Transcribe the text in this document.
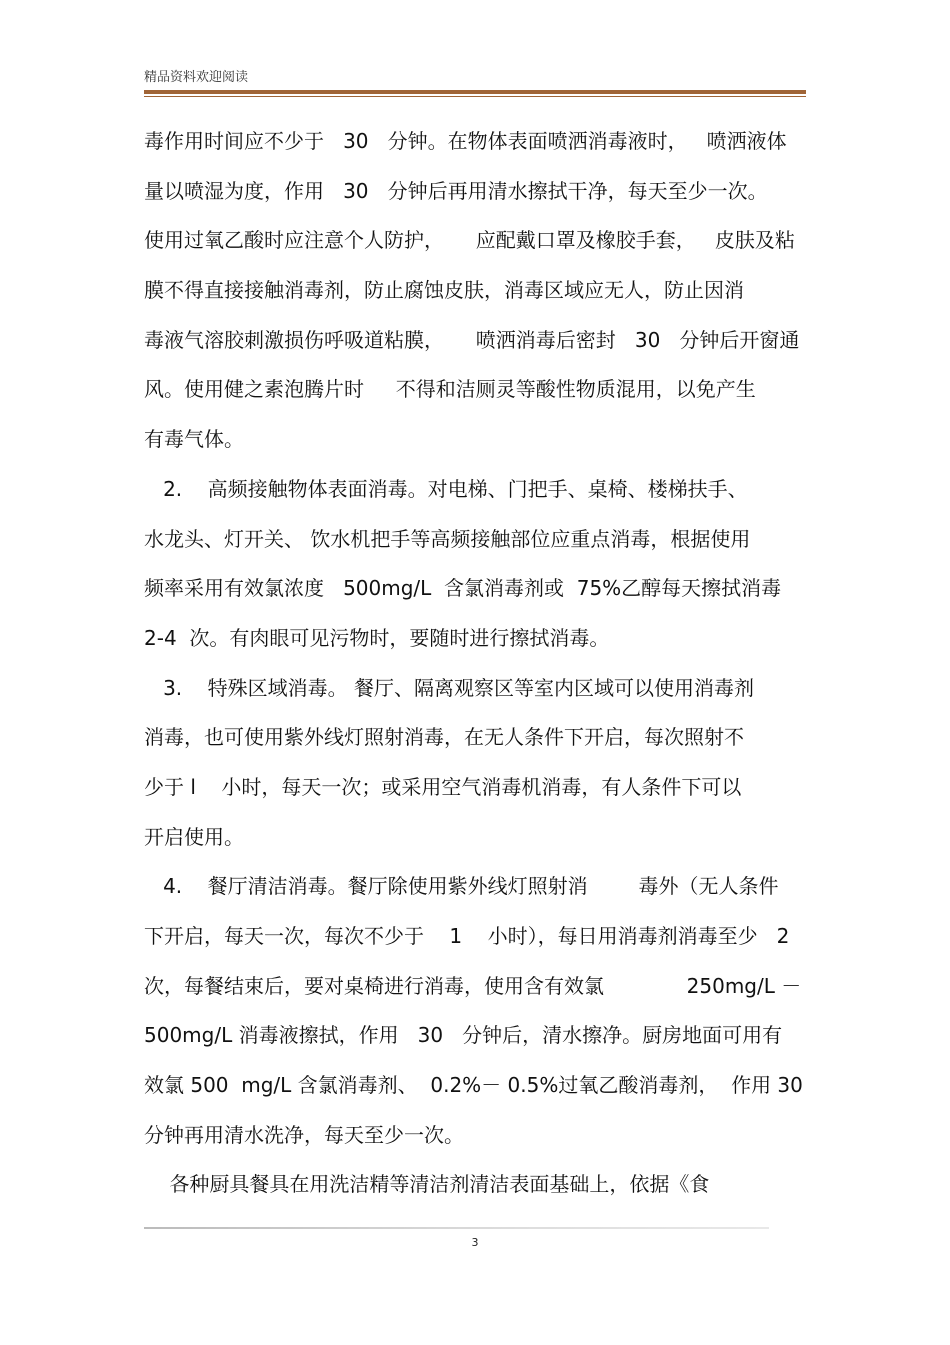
精品资料欢迎阅读
毒作用时间应不少于   30   分钟。在物体表面喷洒消毒液时，   喷洒液体
量以喷湿为度，作用   30   分钟后再用清水擦拭干净，每天至少一次。
使用过氧乙酸时应注意个人防护，     应配戴口罩及橡胶手套，   皮肤及粘
膜不得直接接触消毒剂，防止腐蚀皮肤，消毒区域应无人，防止因消
毒液气溶胶刺激损伤呼吸道粘膜，     喷洒消毒后密封   30   分钟后开窗通
风。使用健之素泡腾片时     不得和洁厕灵等酸性物质混用，以免产生
有毒气体。
2.    高频接触物体表面消毒。对电梯、门把手、桌椅、楼梯扶手、
水龙头、灯开关、 饮水机把手等高频接触部位应重点消毒，根据使用
频率采用有效氯浓度   500mg/L  含氯消毒剂或  75%乙醇每天擦拭消毒
2-4  次。有肉眼可见污物时，要随时进行擦拭消毒。
3.    特殊区域消毒。 餐厅、隔离观察区等室内区域可以使用消毒剂
消毒，也可使用紫外线灯照射消毒，在无人条件下开启，每次照射不
少于 l    小时，每天一次；或采用空气消毒机消毒，有人条件下可以
开启使用。
4.    餐厅清洁消毒。餐厅除使用紫外线灯照射消        毒外（无人条件
下开启，每天一次，每次不少于    1    小时），每日用消毒剂消毒至少   2
次，每餐结束后，要对桌椅进行消毒，使用含有效氯             250mg/L －
500mg/L 消毒液擦拭，作用   30   分钟后，清水擦净。厨房地面可用有
效氯 500  mg/L 含氯消毒剂、  0.2%－ 0.5%过氧乙酸消毒剂，  作用 30
分钟再用清水洗净，每天至少一次。
各种厨具餐具在用洗洁精等清洁剂清洁表面基础上，依据《食
3
